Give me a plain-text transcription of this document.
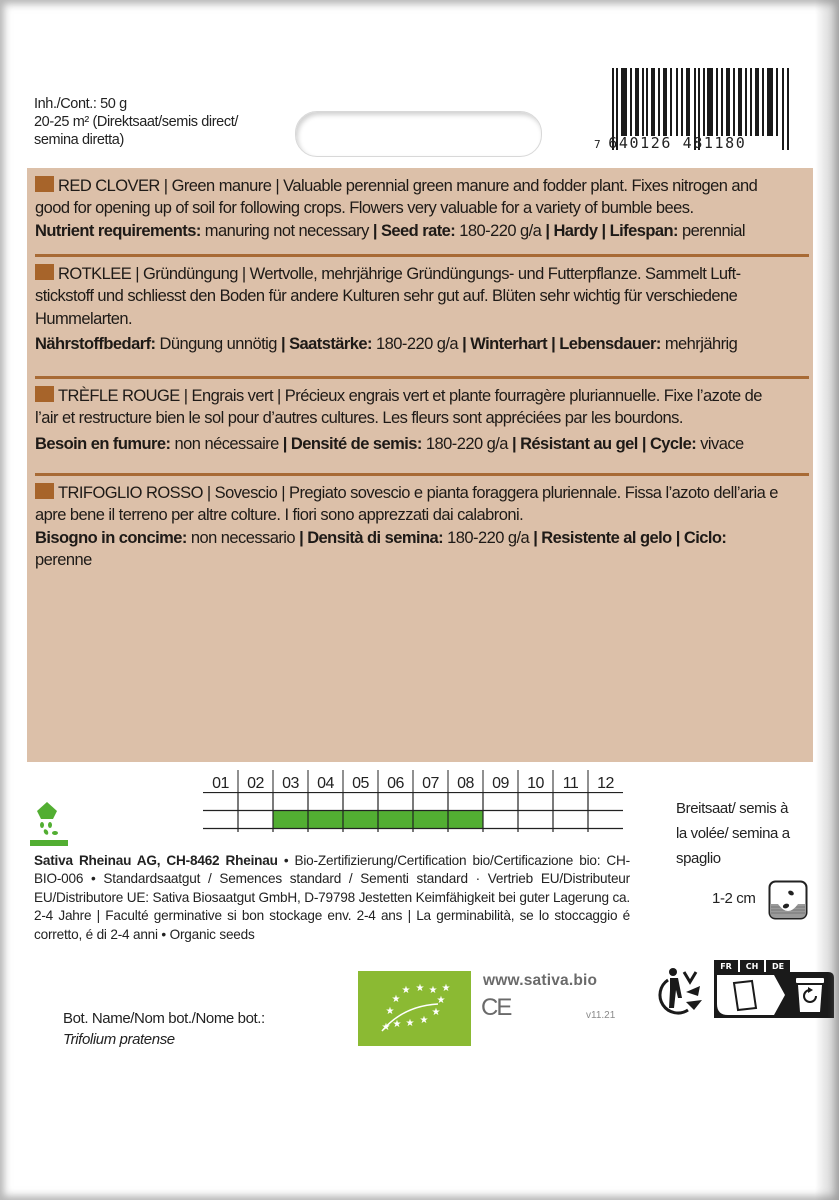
Inh./Cont.: 50 g
20-25 m² (Direktsaat/semis direct/
semina diretta)	7 640126 481180
RED CLOVER | Green manure | Valuable perennial green manure and fodder plant. Fixes nitrogen and
good for opening up of soil for following crops. Flowers very valuable for a variety of bumble bees.
Nutrient requirements: manuring not necessary | Seed rate: 180-220 g/a | Hardy | Lifespan: perennial
ROTKLEE | Gründüngung | Wertvolle, mehrjährige Gründüngungs- und Futterpflanze. Sammelt Luft-
stickstoff und schliesst den Boden für andere Kulturen sehr gut auf. Blüten sehr wichtig für verschiedene
Hummelarten.
Nährstoffbedarf: Düngung unnötig | Saatstärke: 180-220 g/a | Winterhart | Lebensdauer: mehrjährig
TRÈFLE ROUGE | Engrais vert | Précieux engrais vert et plante fourragère pluriannuelle. Fixe l’azote de
l’air et restructure bien le sol pour d’autres cultures. Les fleurs sont appréciées par les bourdons.
Besoin en fumure: non nécessaire | Densité de semis: 180-220 g/a | Résistant au gel | Cycle: vivace
TRIFOGLIO ROSSO | Sovescio | Pregiato sovescio e pianta foraggera pluriennale. Fissa l’azoto dell’aria e
apre bene il terreno per altre colture. I fiori sono apprezzati dai calabroni.
Bisogno in concime: non necessario | Densità di semina: 180-220 g/a | Resistente al gelo | Ciclo:
perenne
01 02 03 04 05 06 07 08 09 10 11 12
Breitsaat/ semis à
la volée/ semina a
spaglio
1-2 cm
Sativa Rheinau AG, CH-8462 Rheinau • Bio-Zertifizierung/Certification bio/Certificazione bio: CH-BIO-006 • Standardsaatgut / Semences standard / Sementi standard · Vertrieb EU/Distributeur EU/Distributore UE: Sativa Biosaatgut GmbH, D-79798 Jestetten Keimfähigkeit bei guter Lagerung ca. 2-4 Jahre | Faculté germinative si bon stockage env. 2-4 ans | La germinabilità, se lo stoccaggio é corretto, é di 2-4 anni • Organic seeds
Bot. Name/Nom bot./Nome bot.:
Trifolium pratense
★ ★ ★ ★
★	★
★	★
★
★
★
★
www.sativa.bio
CE	v11.21
FR CH DE
